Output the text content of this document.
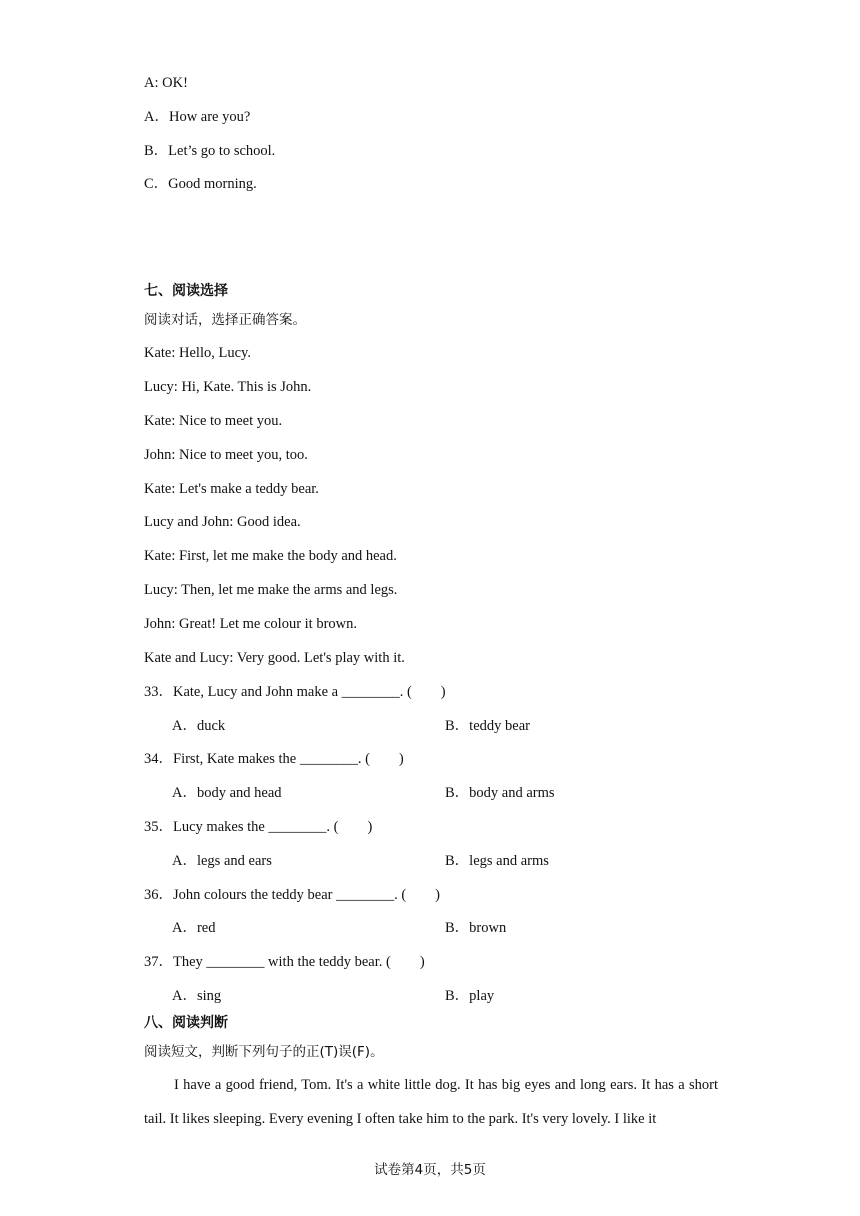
A: OK!
A．How are you?
B．Let’s go to school.
C．Good morning.
七、阅读选择
阅读对话，选择正确答案。
Kate: Hello, Lucy.
Lucy: Hi, Kate. This is John.
Kate: Nice to meet you.
John: Nice to meet you, too.
Kate: Let's make a teddy bear.
Lucy and John: Good idea.
Kate: First, let me make the body and head.
Lucy: Then, let me make the arms and legs.
John: Great! Let me colour it brown.
Kate and Lucy: Very good. Let's play with it.
33．Kate, Lucy and John make a ________. (　　)
A．duck	B．teddy bear
34．First, Kate makes the ________. (　　)
A．body and head	B．body and arms
35．Lucy makes the ________. (　　)
A．legs and ears	B．legs and arms
36．John colours the teddy bear ________. (　　)
A．red	B．brown
37．They ________ with the teddy bear. (　　)
A．sing	B．play
八、阅读判断
阅读短文，判断下列句子的正(T)误(F)。
I have a good friend, Tom. It's a white little dog. It has big eyes and long ears. It has a short tail. It likes sleeping. Every evening I often take him to the park. It's very lovely. I like it
试卷第4页，共5页
